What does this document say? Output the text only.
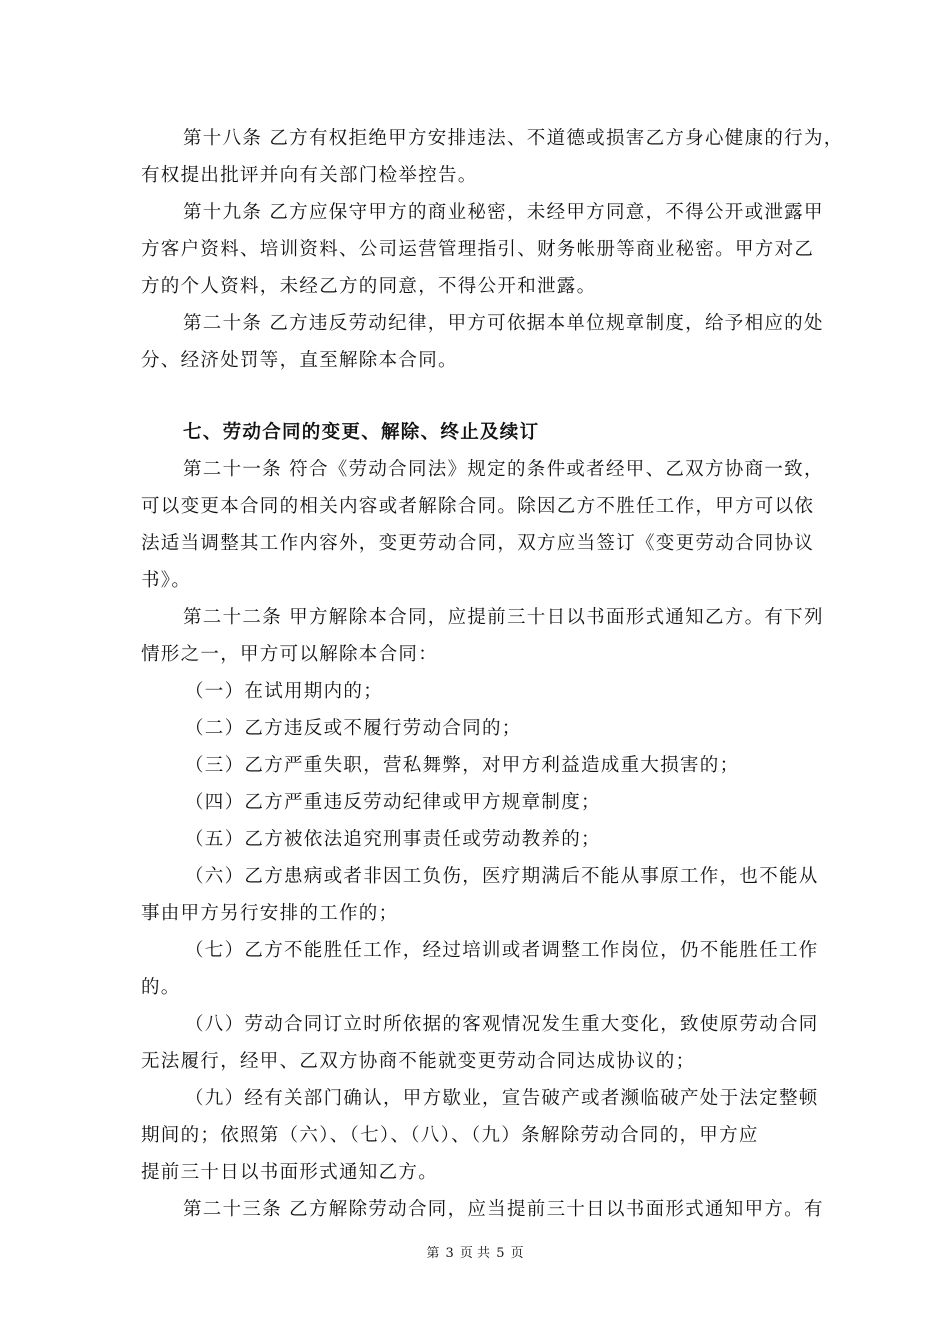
第十八条 乙方有权拒绝甲方安排违法、不道德或损害乙方身心健康的行为，

有权提出批评并向有关部门检举控告。

第十九条 乙方应保守甲方的商业秘密，未经甲方同意，不得公开或泄露甲

方客户资料、培训资料、公司运营管理指引、财务帐册等商业秘密。甲方对乙

方的个人资料，未经乙方的同意，不得公开和泄露。

第二十条 乙方违反劳动纪律，甲方可依据本单位规章制度，给予相应的处

分、经济处罚等，直至解除本合同。

七、劳动合同的变更、解除、终止及续订

第二十一条 符合《劳动合同法》规定的条件或者经甲、乙双方协商一致，

可以变更本合同的相关内容或者解除合同。除因乙方不胜任工作，甲方可以依

法适当调整其工作内容外，变更劳动合同，双方应当签订《变更劳动合同协议

书》。

第二十二条 甲方解除本合同，应提前三十日以书面形式通知乙方。有下列

情形之一，甲方可以解除本合同：

（一）在试用期内的；

（二）乙方违反或不履行劳动合同的；

（三）乙方严重失职，营私舞弊，对甲方利益造成重大损害的；

（四）乙方严重违反劳动纪律或甲方规章制度；

（五）乙方被依法追究刑事责任或劳动教养的；

（六）乙方患病或者非因工负伤，医疗期满后不能从事原工作，也不能从

事由甲方另行安排的工作的；

（七）乙方不能胜任工作，经过培训或者调整工作岗位，仍不能胜任工作

的。

（八）劳动合同订立时所依据的客观情况发生重大变化，致使原劳动合同

无法履行，经甲、乙双方协商不能就变更劳动合同达成协议的；

（九）经有关部门确认，甲方歇业，宣告破产或者濒临破产处于法定整顿

期间的；依照第（六）、（七）、（八）、（九）条解除劳动合同的，甲方应

提前三十日以书面形式通知乙方。

第二十三条 乙方解除劳动合同，应当提前三十日以书面形式通知甲方。有

第 3 页 共 5 页
